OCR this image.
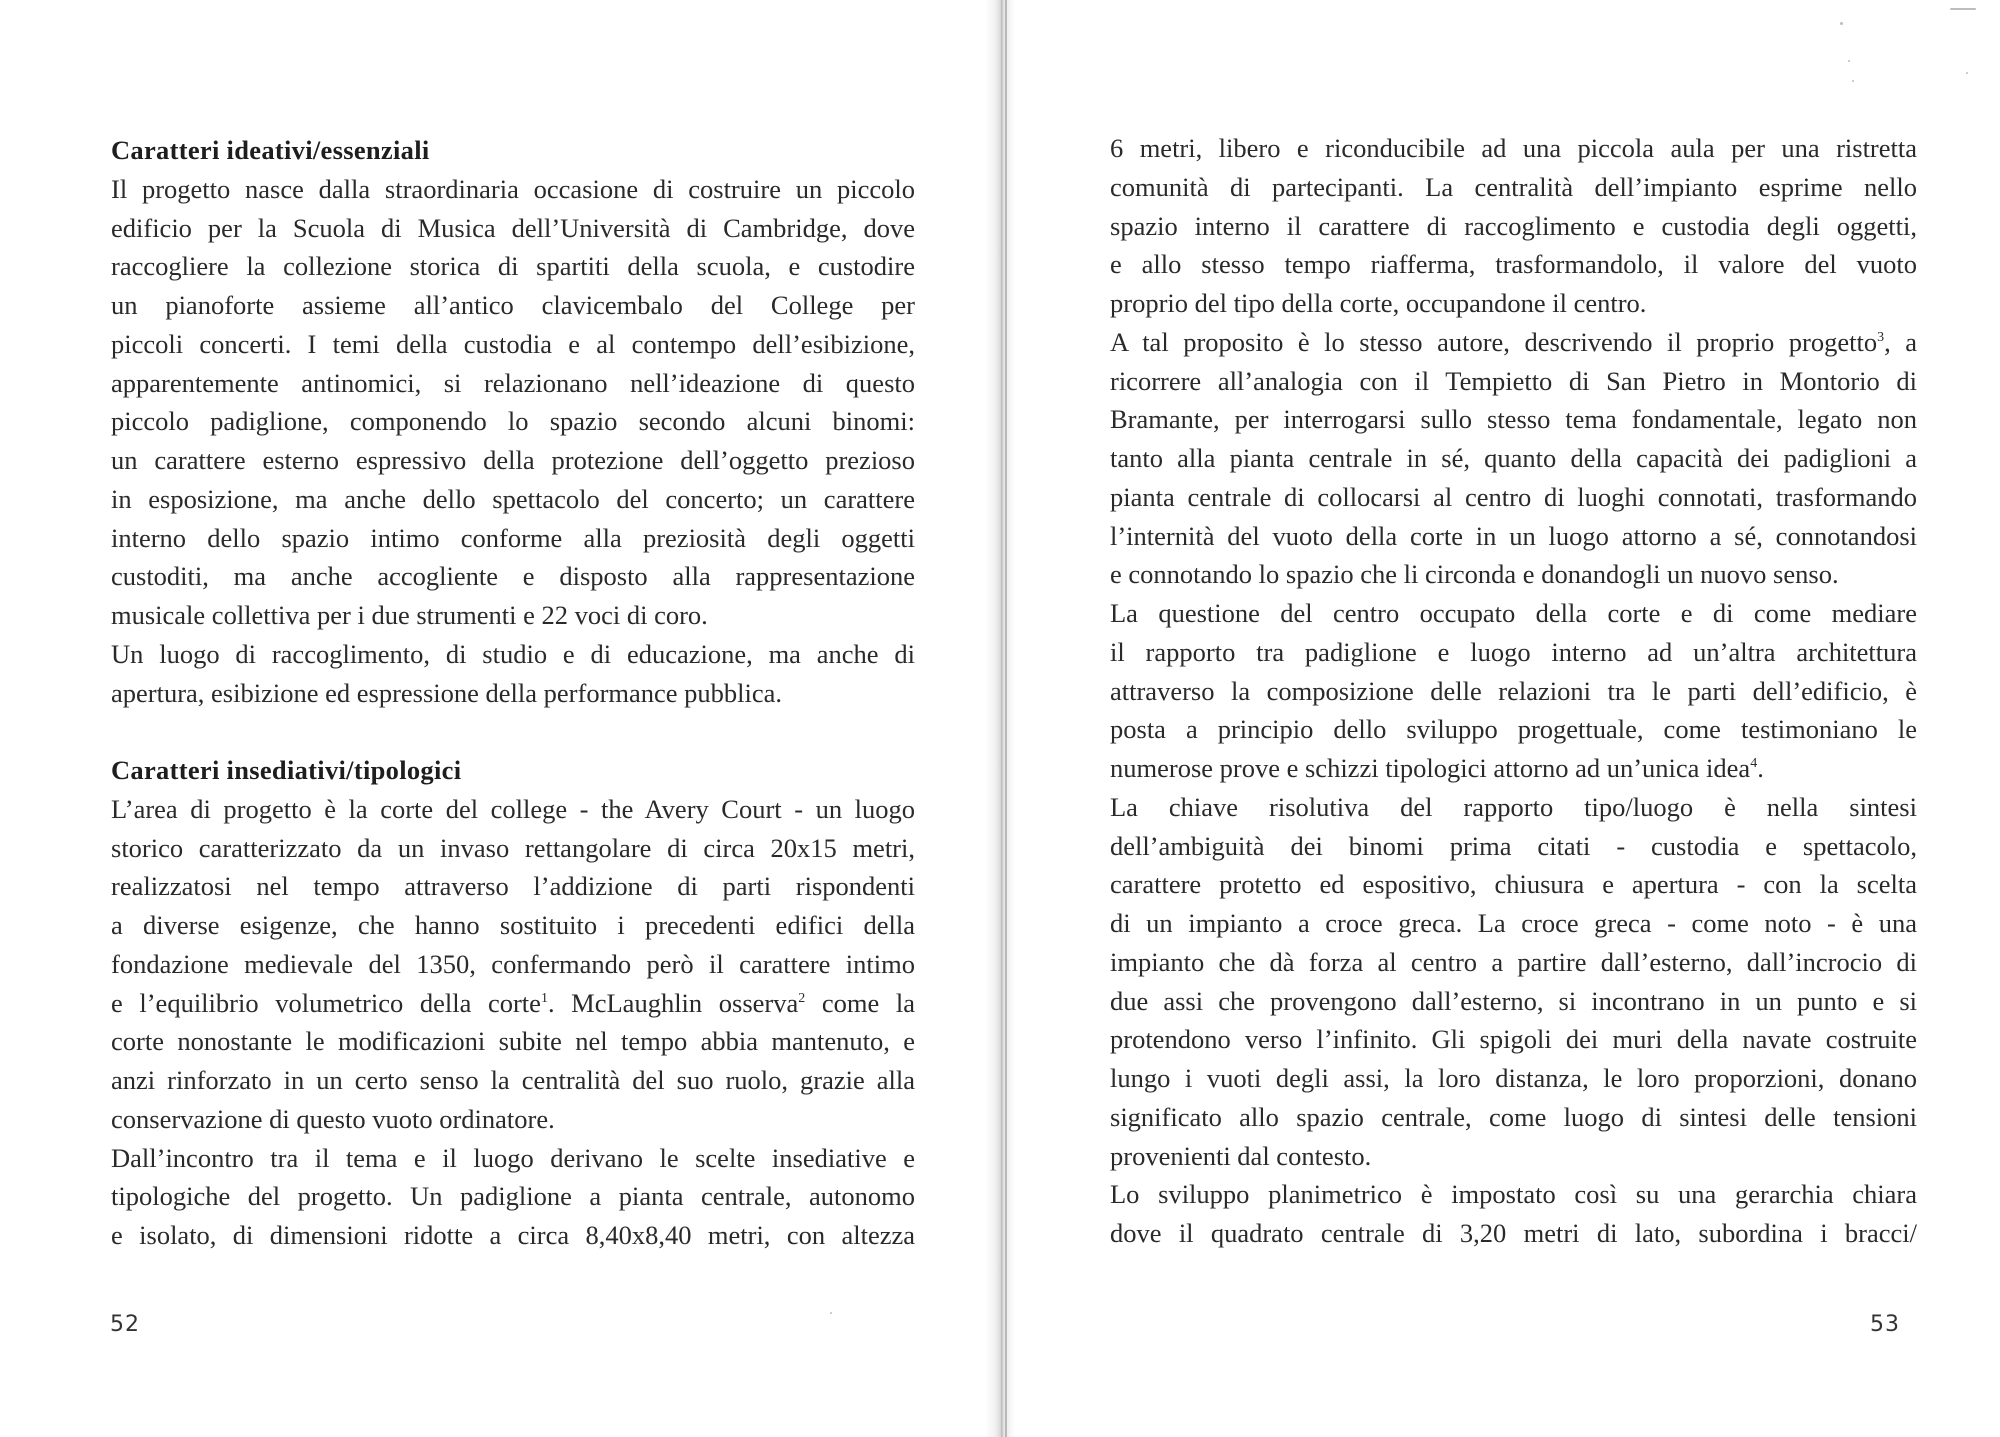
Caratteri ideativi/essenziali
Il progetto nasce dalla straordinaria occasione di costruire un piccolo
edificio per la Scuola di Musica dell’Università di Cambridge, dove
raccogliere la collezione storica di spartiti della scuola, e custodire
un pianoforte assieme all’antico clavicembalo del College per
piccoli concerti. I temi della custodia e al contempo dell’esibizione,
apparentemente antinomici, si relazionano nell’ideazione di questo
piccolo padiglione, componendo lo spazio secondo alcuni binomi:
un carattere esterno espressivo della protezione dell’oggetto prezioso
in esposizione, ma anche dello spettacolo del concerto; un carattere
interno dello spazio intimo conforme alla preziosità degli oggetti
custoditi, ma anche accogliente e disposto alla rappresentazione
musicale collettiva per i due strumenti e 22 voci di coro.
Un luogo di raccoglimento, di studio e di educazione, ma anche di
apertura, esibizione ed espressione della performance pubblica.
Caratteri insediativi/tipologici
L’area di progetto è la corte del college - the Avery Court - un luogo
storico caratterizzato da un invaso rettangolare di circa 20x15 metri,
realizzatosi nel tempo attraverso l’addizione di parti rispondenti
a diverse esigenze, che hanno sostituito i precedenti edifici della
fondazione medievale del 1350, confermando però il carattere intimo
e l’equilibrio volumetrico della corte$^1$. McLaughlin osserva$^2$ come la
corte nonostante le modificazioni subite nel tempo abbia mantenuto, e
anzi rinforzato in un certo senso la centralità del suo ruolo, grazie alla
conservazione di questo vuoto ordinatore.
Dall’incontro tra il tema e il luogo derivano le scelte insediative e
tipologiche del progetto. Un padiglione a pianta centrale, autonomo
e isolato, di dimensioni ridotte a circa 8,40x8,40 metri, con altezza
52
6 metri, libero e riconducibile ad una piccola aula per una ristretta
comunità di partecipanti. La centralità dell’impianto esprime nello
spazio interno il carattere di raccoglimento e custodia degli oggetti,
e allo stesso tempo riafferma, trasformandolo, il valore del vuoto
proprio del tipo della corte, occupandone il centro.
A tal proposito è lo stesso autore, descrivendo il proprio progetto$^3$, a
ricorrere all’analogia con il Tempietto di San Pietro in Montorio di
Bramante, per interrogarsi sullo stesso tema fondamentale, legato non
tanto alla pianta centrale in sé, quanto della capacità dei padiglioni a
pianta centrale di collocarsi al centro di luoghi connotati, trasformando
l’internità del vuoto della corte in un luogo attorno a sé, connotandosi
e connotando lo spazio che li circonda e donandogli un nuovo senso.
La questione del centro occupato della corte e di come mediare
il rapporto tra padiglione e luogo interno ad un’altra architettura
attraverso la composizione delle relazioni tra le parti dell’edificio, è
posta a principio dello sviluppo progettuale, come testimoniano le
numerose prove e schizzi tipologici attorno ad un’unica idea$^4$.
La chiave risolutiva del rapporto tipo/luogo è nella sintesi
dell’ambiguità dei binomi prima citati - custodia e spettacolo,
carattere protetto ed espositivo, chiusura e apertura - con la scelta
di un impianto a croce greca. La croce greca - come noto - è una
impianto che dà forza al centro a partire dall’esterno, dall’incrocio di
due assi che provengono dall’esterno, si incontrano in un punto e si
protendono verso l’infinito. Gli spigoli dei muri della navate costruite
lungo i vuoti degli assi, la loro distanza, le loro proporzioni, donano
significato allo spazio centrale, come luogo di sintesi delle tensioni
provenienti dal contesto.
Lo sviluppo planimetrico è impostato così su una gerarchia chiara
dove il quadrato centrale di 3,20 metri di lato, subordina i bracci/
53
